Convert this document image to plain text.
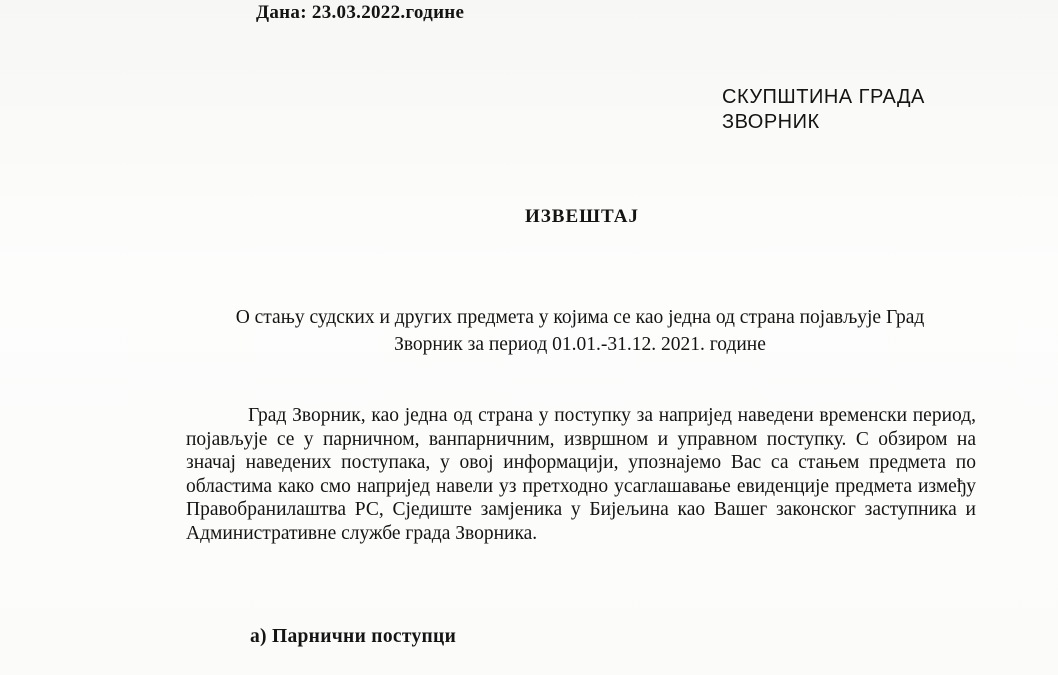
Дана: 23.03.2022.године
СКУПШТИНА ГРАДА
ЗВОРНИК
ИЗВЕШТАЈ
О стању судских и других предмета у којима се као једна од страна појављује Град
Зворник за период 01.01.-31.12. 2021. године
Град Зворник, као једна од страна у поступку за напријед наведени временски период, појављује се у парничном, ванпарничним, извршном и управном поступку. С обзиром на значај наведених поступака, у овој информацији, упознајемо Вас са стањем предмета по областима како смо напријед навели уз претходно усаглашавање евиденције предмета између Правобранилаштва РС, Сједиште замјеника у Бијељина као Вашег законског заступника и Административне службе града Зворника.
а) Парнични поступци
